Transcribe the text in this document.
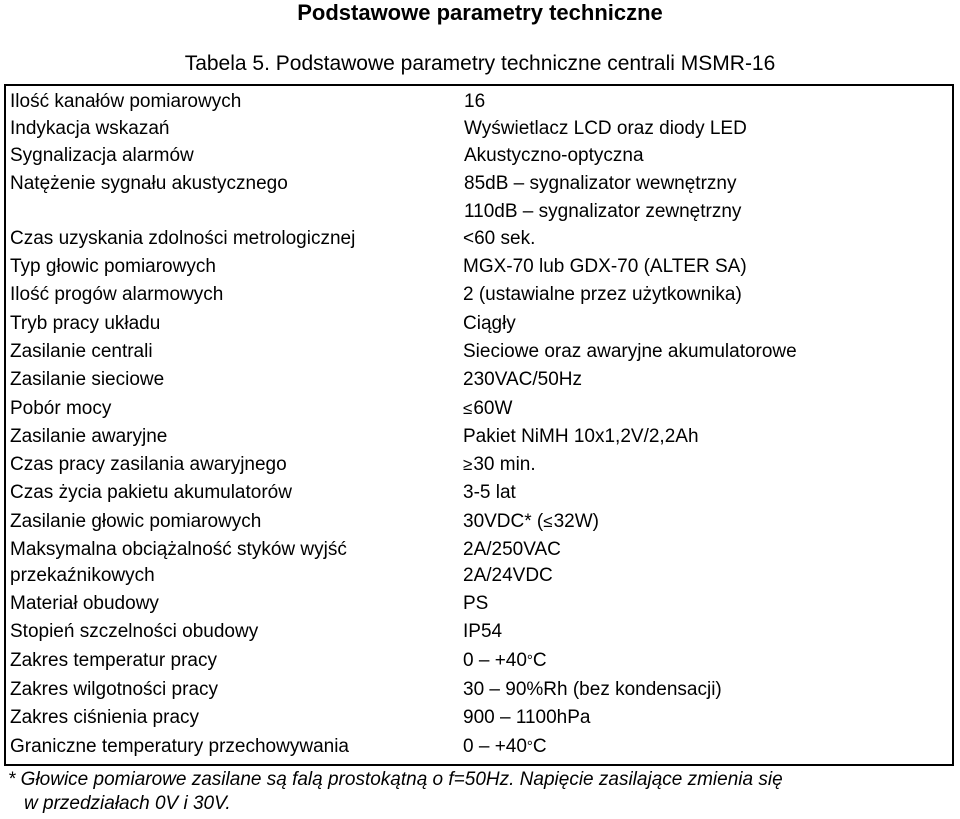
Podstawowe parametry techniczne
Tabela 5. Podstawowe parametry techniczne centrali MSMR-16
Ilość kanałów pomiarowych	16
Indykacja wskazań	Wyświetlacz LCD oraz diody LED
Sygnalizacja alarmów	Akustyczno-optyczna
Natężenie sygnału akustycznego	85dB – sygnalizator wewnętrzny
110dB – sygnalizator zewnętrzny
Czas uzyskania zdolności metrologicznej	<60 sek.
Typ głowic pomiarowych	MGX-70 lub GDX-70 (ALTER SA)
Ilość progów alarmowych	2 (ustawialne przez użytkownika)
Tryb pracy układu	Ciągły
Zasilanie centrali	Sieciowe oraz awaryjne akumulatorowe
Zasilanie sieciowe	230VAC/50Hz
Pobór mocy	≤60W
Zasilanie awaryjne	Pakiet NiMH 10x1,2V/2,2Ah
Czas pracy zasilania awaryjnego	≥30 min.
Czas życia pakietu akumulatorów	3-5 lat
Zasilanie głowic pomiarowych	30VDC* (≤32W)
Maksymalna obciążalność styków wyjść	2A/250VAC
przekaźnikowych	2A/24VDC
Materiał obudowy	PS
Stopień szczelności obudowy	IP54
Zakres temperatur pracy	0 – +40°C
Zakres wilgotności pracy	30 – 90%Rh (bez kondensacji)
Zakres ciśnienia pracy	900 – 1100hPa
Graniczne temperatury przechowywania	0 – +40°C
* Głowice pomiarowe zasilane są falą prostokątną o f=50Hz. Napięcie zasilające zmienia się
w przedziałach 0V i 30V.
